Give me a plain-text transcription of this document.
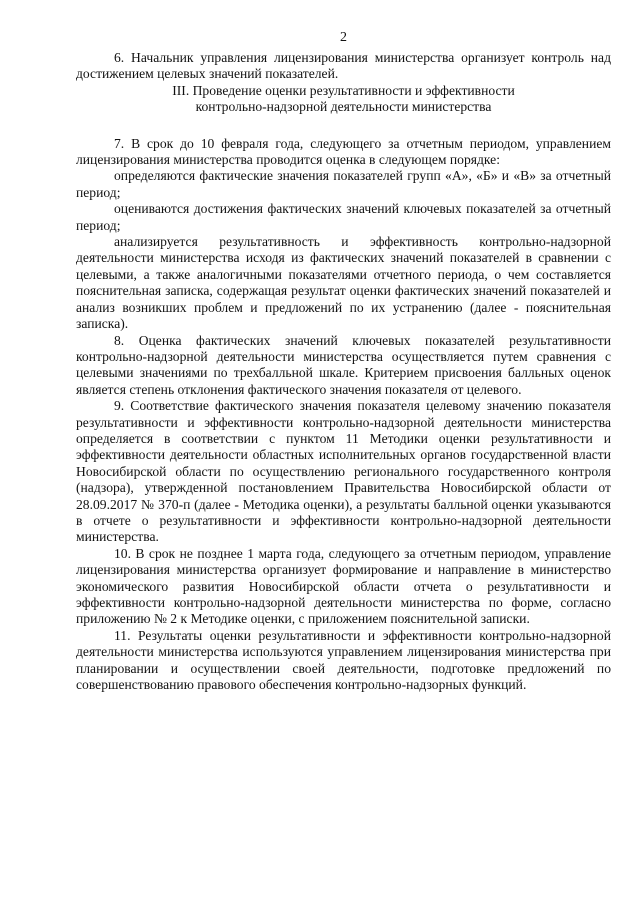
2

6. Начальник управления лицензирования министерства организует контроль над достижением целевых значений показателей.

III. Проведение оценки результативности и эффективности

контрольно-надзорной деятельности министерства

7. В срок до 10 февраля года, следующего за отчетным периодом, управлением лицензирования министерства проводится оценка в следующем порядке:

определяются фактические значения показателей групп «А», «Б» и «В» за отчетный период;

оцениваются достижения фактических значений ключевых показателей за отчетный период;

анализируется результативность и эффективность контрольно-надзорной деятельности министерства исходя из фактических значений показателей в сравнении с целевыми, а также аналогичными показателями отчетного периода, о чем составляется пояснительная записка, содержащая результат оценки фактических значений показателей и анализ возникших проблем и предложений по их устранению (далее - пояснительная записка).

8. Оценка фактических значений ключевых показателей результативности контрольно-надзорной деятельности министерства осуществляется путем сравнения с целевыми значениями по трехбалльной шкале. Критерием присвоения балльных оценок является степень отклонения фактического значения показателя от целевого.

9. Соответствие фактического значения показателя целевому значению показателя результативности и эффективности контрольно-надзорной деятельности министерства определяется в соответствии с пунктом 11 Методики оценки результативности и эффективности деятельности областных исполнительных органов государственной власти Новосибирской области по осуществлению регионального государственного контроля (надзора), утвержденной постановлением Правительства Новосибирской области от 28.09.2017 № 370-п (далее - Методика оценки), а результаты балльной оценки указываются в отчете о результативности и эффективности контрольно-надзорной деятельности министерства.

10. В срок не позднее 1 марта года, следующего за отчетным периодом, управление лицензирования министерства организует формирование и направление в министерство экономического развития Новосибирской области отчета о результативности и эффективности контрольно-надзорной деятельности министерства по форме, согласно приложению № 2 к Методике оценки, с приложением пояснительной записки.

11. Результаты оценки результативности и эффективности контрольно-надзорной деятельности министерства используются управлением лицензирования министерства при планировании и осуществлении своей деятельности, подготовке предложений по совершенствованию правового обеспечения контрольно-надзорных функций.
